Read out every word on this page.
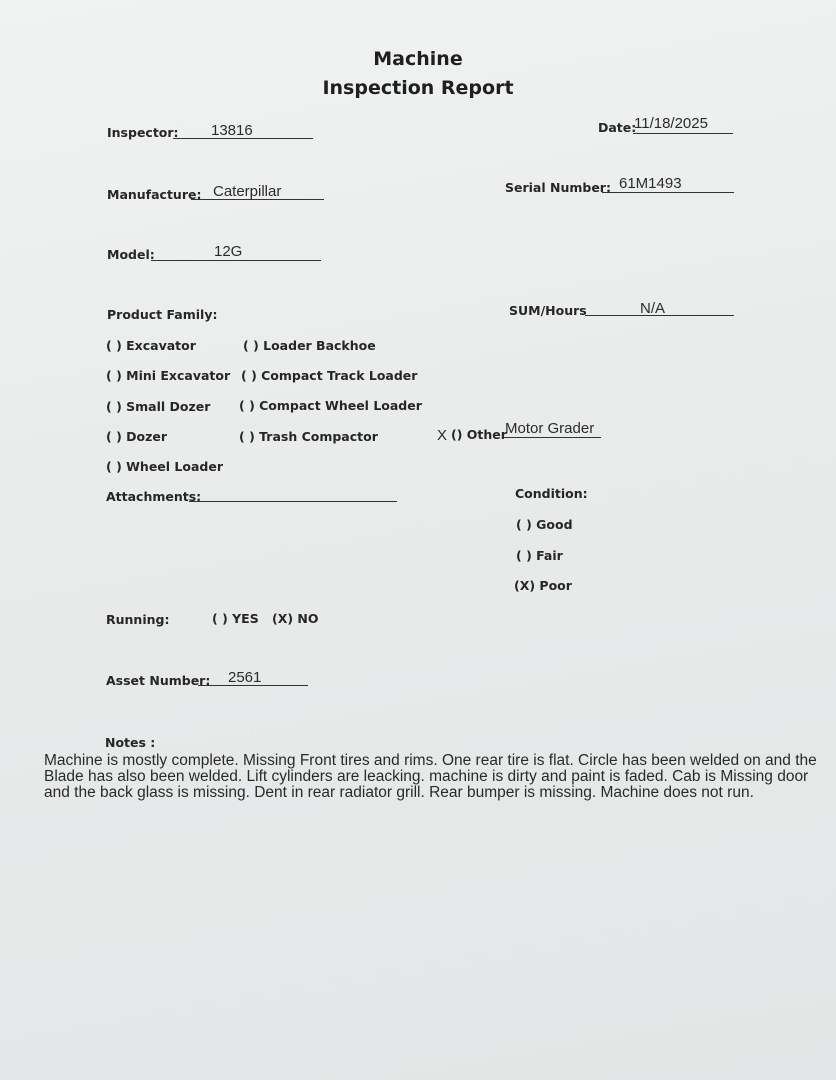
Machine
Inspection Report
Inspector: 13816	Date:
11/18/2025
Manufacture: Caterpillar	Serial Number: 61M1493
Model:	12G
Product Family:
( ) Excavator
( ) Mini Excavator
( ) Small Dozer
( ) Dozer
( ) Wheel Loader
( ) Loader Backhoe
( ) Compact Track Loader
( ) Compact Wheel Loader
( ) Trash Compactor	X () Other
Motor Grader
SUM/Hours	N/A
Attachments:	Condition:
( ) Good
( ) Fair
(X) Poor
Running:	( ) YES (X) NO
Asset Number: 2561
Notes :
Machine is mostly complete. Missing Front tires and rims. One rear tire is flat. Circle has been welded on and the Blade has also been welded. Lift cylinders are leacking. machine is dirty and paint is faded. Cab is Missing door and the back glass is missing. Dent in rear radiator grill. Rear bumper is missing. Machine does not run.
